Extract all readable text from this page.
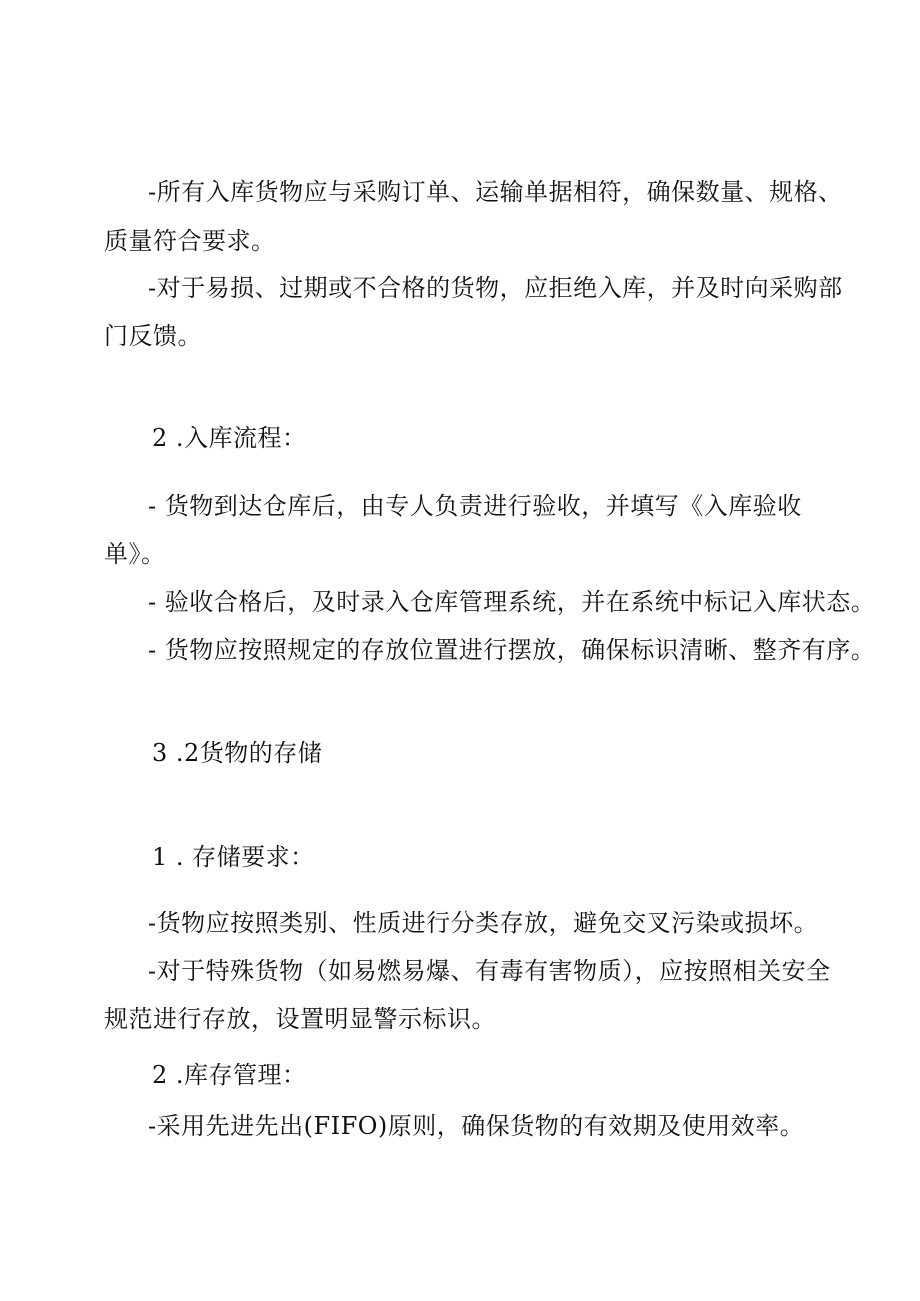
-所有入库货物应与采购订单、运输单据相符，确保数量、规格、
质量符合要求。
-对于易损、过期或不合格的货物，应拒绝入库，并及时向采购部
门反馈。
2 .入库流程：
- 货物到达仓库后，由专人负责进行验收，并填写《入库验收
单》。
- 验收合格后，及时录入仓库管理系统，并在系统中标记入库状态。
- 货物应按照规定的存放位置进行摆放，确保标识清晰、整齐有序。
3 .2货物的存储
1 . 存储要求：
-货物应按照类别、性质进行分类存放，避免交叉污染或损坏。
-对于特殊货物（如易燃易爆、有毒有害物质），应按照相关安全
规范进行存放，设置明显警示标识。
2 .库存管理：
-采用先进先出(FIFO)原则，确保货物的有效期及使用效率。
